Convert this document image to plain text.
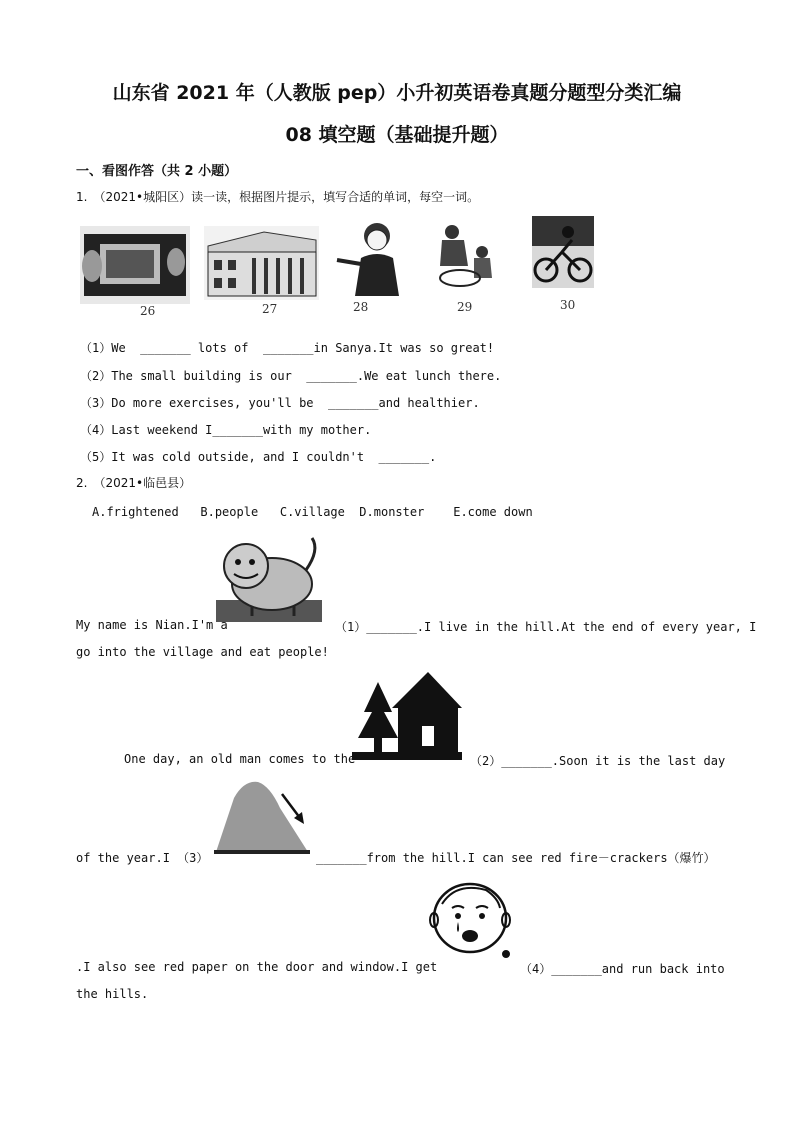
山东省 2021 年（人教版 pep）小升初英语卷真题分题型分类汇编
08 填空题（基础提升题）
一、看图作答（共 2 小题）
1.　（2021•城阳区）读一读，根据图片提示，填写合适的单词，每空一词。
26	27	28	29	30
（1）We  _______ lots of  _______in Sanya.It was so great!
（2）The small building is our  _______.We eat lunch there.
（3）Do more exercises, you'll be  _______and healthier.
（4）Last weekend I_______with my mother.
（5）It was cold outside, and I couldn't  _______.
2.　（2021•临邑县）
A.frightened   B.people   C.village  D.monster    E.come down
My name is Nian.I'm a	（1）_______.I live in the hill.At the end of every year, I
go into the village and eat people!
One day, an old man comes to the	（2）_______.Soon it is the last day
of the year.I （3）	_______from the hill.I can see red fire－crackers（爆竹）
.I also see red paper on the door and window.I get	（4）_______and run back into
the hills.
